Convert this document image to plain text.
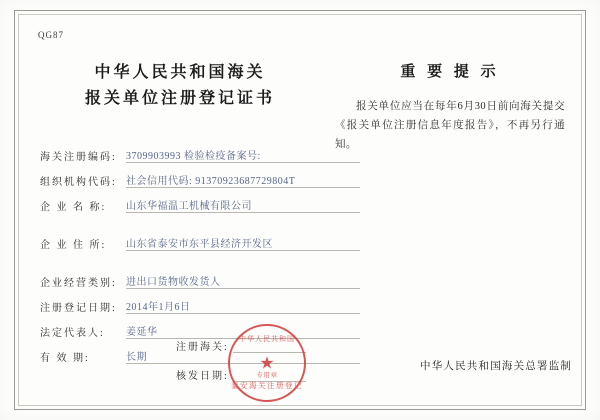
QG87
中华人民共和国海关
报关单位注册登记证书
重 要 提 示
报关单位应当在每年6月30日前向海关提交《报关单位注册信息年度报告》，不再另行通知。
海关注册编码: 3709903993 检验检疫备案号:
组织机构代码: 社会信用代码: 91370923687729804T
企 业 名 称:	山东华福温工机械有限公司
企 业 住 所:	山东省泰安市东平县经济开发区
企业经营类别: 进出口货物收发货人
注册登记日期: 2014年1月6日
法定代表人:	姜延华
有 效 期:	长期
注册海关:
核发日期:
中华人民共和国
★
专用章
泰安海关注册登记
中华人民共和国海关总署监制
